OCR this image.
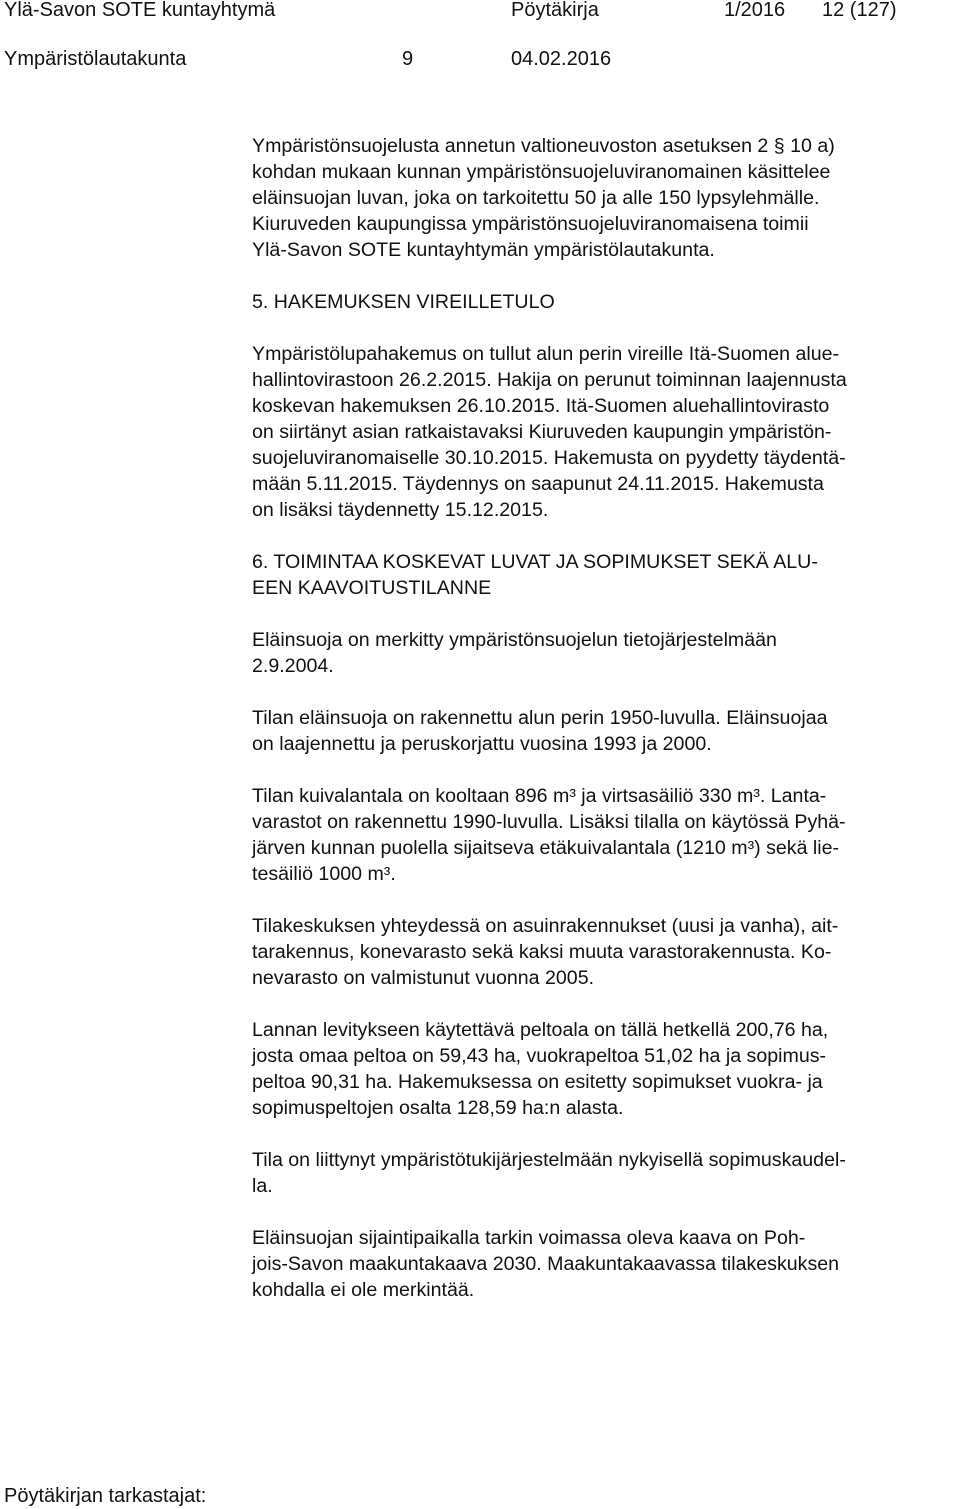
Ylä-Savon SOTE kuntayhtymä	Pöytäkirja	1/2016 12 (127)
Ympäristölautakunta	9	04.02.2016
Ympäristönsuojelusta annetun valtioneuvoston asetuksen 2 § 10 a)
kohdan mukaan kunnan ympäristönsuojeluviranomainen käsittelee
eläinsuojan luvan, joka on tarkoitettu 50 ja alle 150 lypsylehmälle.
Kiuruveden kaupungissa ympäristönsuojeluviranomaisena toimii
Ylä-Savon SOTE kuntayhtymän ympäristölautakunta.
5. HAKEMUKSEN VIREILLETULO
Ympäristölupahakemus on tullut alun perin vireille Itä-Suomen alue-
hallintovirastoon 26.2.2015. Hakija on perunut toiminnan laajennusta
koskevan hakemuksen 26.10.2015. Itä-Suomen aluehallintovirasto
on siirtänyt asian ratkaistavaksi Kiuruveden kaupungin ympäristön-
suojeluviranomaiselle 30.10.2015. Hakemusta on pyydetty täydentä-
mään 5.11.2015. Täydennys on saapunut 24.11.2015. Hakemusta
on lisäksi täydennetty 15.12.2015.
6. TOIMINTAA KOSKEVAT LUVAT JA SOPIMUKSET SEKÄ ALU-
EEN KAAVOITUSTILANNE
Eläinsuoja on merkitty ympäristönsuojelun tietojärjestelmään
2.9.2004.
Tilan eläinsuoja on rakennettu alun perin 1950-luvulla. Eläinsuojaa
on laajennettu ja peruskorjattu vuosina 1993 ja 2000.
Tilan kuivalantala on kooltaan 896 m³ ja virtsasäiliö 330 m³. Lanta-
varastot on rakennettu 1990-luvulla. Lisäksi tilalla on käytössä Pyhä-
järven kunnan puolella sijaitseva etäkuivalantala (1210 m³) sekä lie-
tesäiliö 1000 m³.
Tilakeskuksen yhteydessä on asuinrakennukset (uusi ja vanha), ait-
tarakennus, konevarasto sekä kaksi muuta varastorakennusta. Ko-
nevarasto on valmistunut vuonna 2005.
Lannan levitykseen käytettävä peltoala on tällä hetkellä 200,76 ha,
josta omaa peltoa on 59,43 ha, vuokrapeltoa 51,02 ha ja sopimus-
peltoa 90,31 ha. Hakemuksessa on esitetty sopimukset vuokra- ja
sopimuspeltojen osalta 128,59 ha:n alasta.
Tila on liittynyt ympäristötukijärjestelmään nykyisellä sopimuskaudel-
la.
Eläinsuojan sijaintipaikalla tarkin voimassa oleva kaava on Poh-
jois-Savon maakuntakaava 2030. Maakuntakaavassa tilakeskuksen
kohdalla ei ole merkintää.
Pöytäkirjan tarkastajat:
